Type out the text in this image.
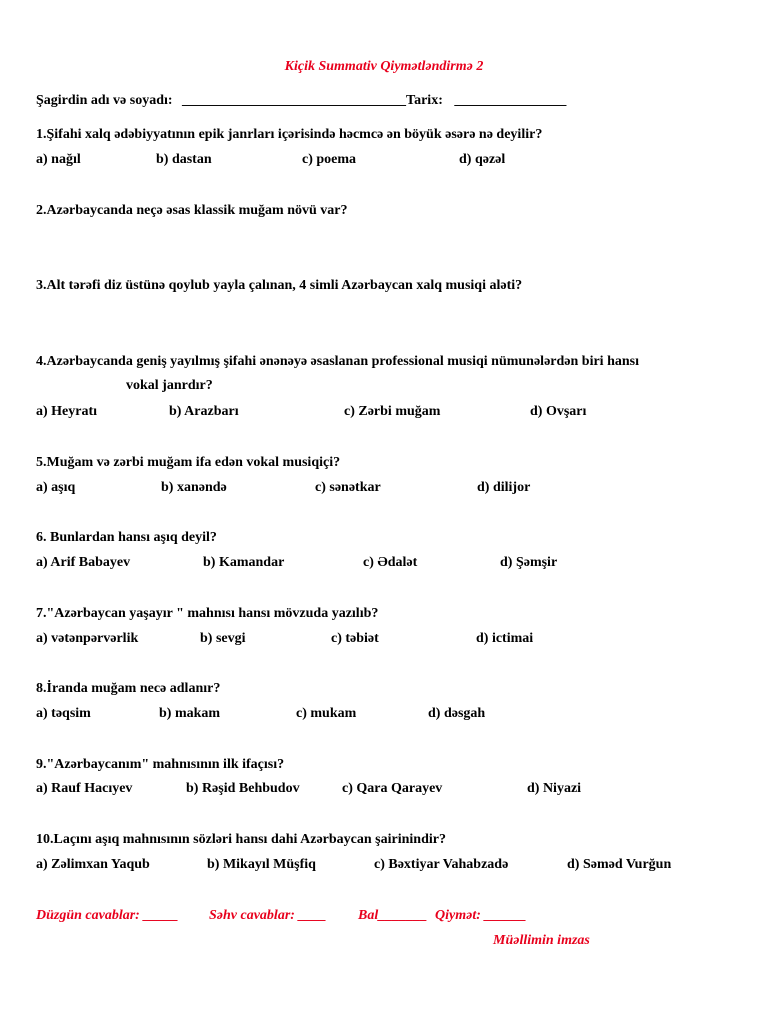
Kiçik Summativ Qiymətləndirmə 2
Şagirdin adı və soyadı: ________________________________Tarix: ________________
1.Şifahi xalq ədəbiyyatının epik janrları içərisində həcmcə ən böyük əsərə nə deyilir?
a) nağıl	b) dastan	c) poema	d) qəzəl
2.Azərbaycanda neçə əsas klassik muğam növü var?
3.Alt tərəfi diz üstünə qoylub yayla çalınan, 4 simli Azərbaycan xalq musiqi aləti?
4.Azərbaycanda geniş yayılmış şifahi ənənəyə əsaslanan professional musiqi nümunələrdən biri hansı
vokal janrdır?
a) Heyratı	b) Arazbarı	c) Zərbi muğam	d) Ovşarı
5.Muğam və zərbi muğam ifa edən vokal musiqiçi?
a) aşıq	b) xanəndə	c) sənətkar	d) dilijor
6. Bunlardan hansı aşıq deyil?
a) Arif Babayev	b) Kamandar	c) Ədalət	d) Şəmşir
7."Azərbaycan yaşayır " mahnısı hansı mövzuda yazılıb?
a) vətənpərvərlik	b) sevgi	c) təbiət	d) ictimai
8.İranda muğam necə adlanır?
a) təqsim	b) makam	c) mukam	d) dəsgah
9."Azərbaycanım" mahnısının ilk ifaçısı?
a) Rauf Hacıyev	b) Rəşid Behbudov	c) Qara Qarayev	d) Niyazi
10.Laçını aşıq mahnısının sözləri hansı dahi Azərbaycan şairinindir?
a) Zəlimxan Yaqub	b) Mikayıl Müşfiq	c) Bəxtiyar Vahabzadə	d) Səməd Vurğun
Düzgün cavablar: _____ Səhv cavablar: ____ Bal_______ Qiymət: ______
Müəllimin imzas
